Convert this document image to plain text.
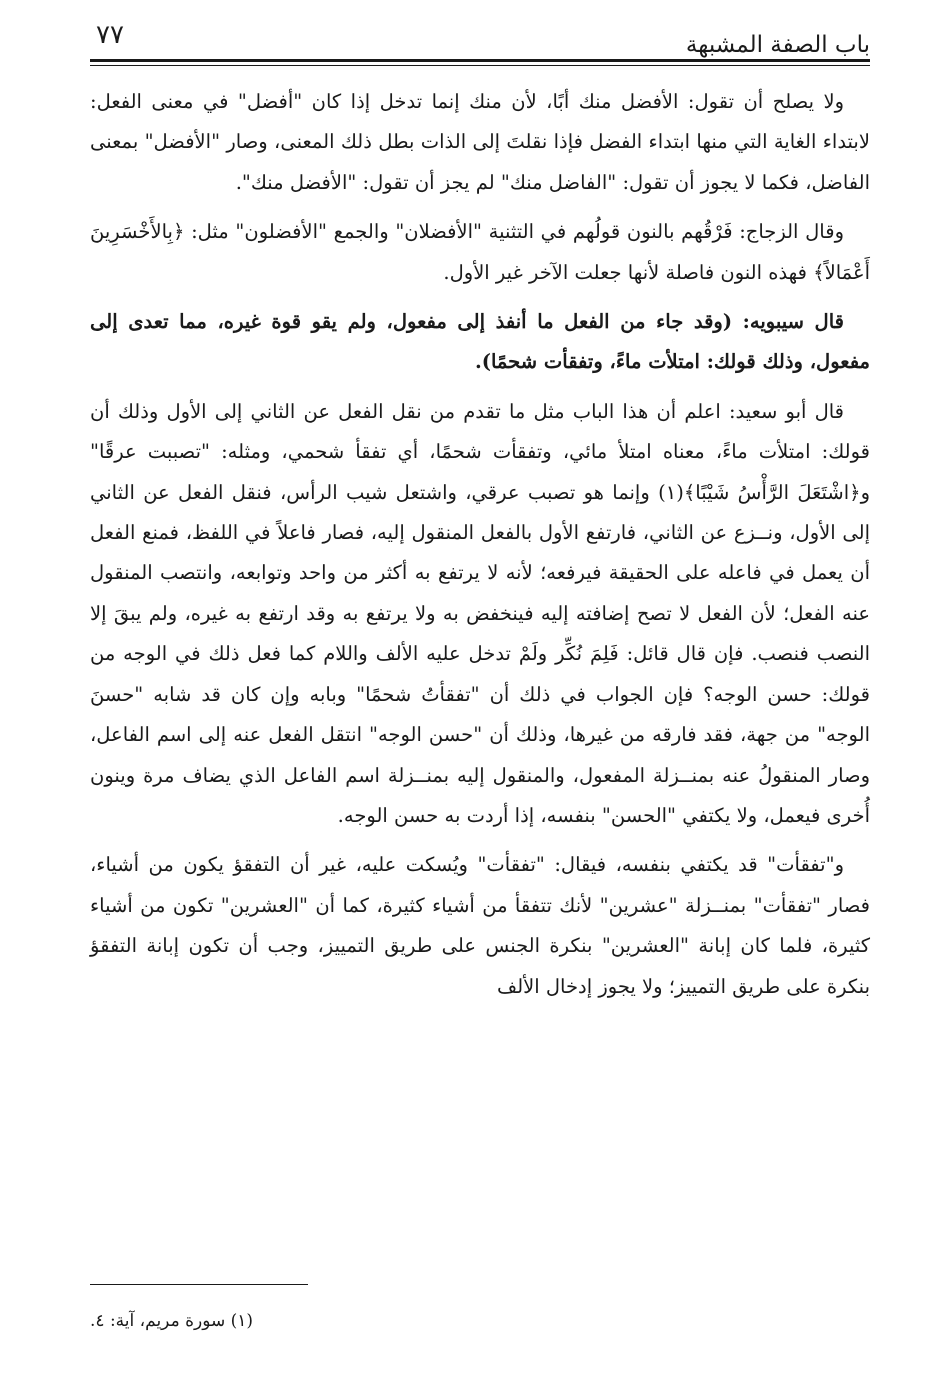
باب الصفة المشبهة
٧٧

ولا يصلح أن تقول: الأفضل منك أبًا، لأن منك إنما تدخل إذا كان "أفضل" في معنى الفعل: لابتداء الغاية التي منها ابتداء الفضل فإذا نقلتَ إلى الذات بطل ذلك المعنى، وصار "الأفضل" بمعنى الفاضل، فكما لا يجوز أن تقول: "الفاضل منك" لم يجز أن تقول: "الأفضل منك".

وقال الزجاج: فَرْقُهم بالنون قولُهم في التثنية "الأفضلان" والجمع "الأفضلون" مثل: ﴿بِالأَخْسَرِينَ أَعْمَالاً﴾ فهذه النون فاصلة لأنها جعلت الآخر غير الأول.

قال سيبويه: (وقد جاء من الفعل ما أنفذ إلى مفعول، ولم يقو قوة غيره، مما تعدى إلى مفعول، وذلك قولك: امتلأت ماءً، وتفقأت شحمًا).

قال أبو سعيد: اعلم أن هذا الباب مثل ما تقدم من نقل الفعل عن الثاني إلى الأول وذلك أن قولك: امتلأت ماءً، معناه امتلأ مائي، وتفقأت شحمًا، أي تفقأ شحمي، ومثله: "تصببت عرقًا" و﴿اشْتَعَلَ الرَّأْسُ شَيْبًا﴾(١) وإنما هو تصبب عرقي، واشتعل شيب الرأس، فنقل الفعل عن الثاني إلى الأول، ونــزع عن الثاني، فارتفع الأول بالفعل المنقول إليه، فصار فاعلاً في اللفظ، فمنع الفعل أن يعمل في فاعله على الحقيقة فيرفعه؛ لأنه لا يرتفع به أكثر من واحد وتوابعه، وانتصب المنقول عنه الفعل؛ لأن الفعل لا تصح إضافته إليه فينخفض به ولا يرتفع به وقد ارتفع به غيره، ولم يبقَ إلا النصب فنصب. فإن قال قائل: فَلِمَ نُكِّر ولَمْ تدخل عليه الألف واللام كما فعل ذلك في الوجه من قولك: حسن الوجه؟ فإن الجواب في ذلك أن "تفقأتُ شحمًا" وبابه وإن كان قد شابه "حسنَ الوجه" من جهة، فقد فارقه من غيرها، وذلك أن "حسن الوجه" انتقل الفعل عنه إلى اسم الفاعل، وصار المنقولُ عنه بمنــزلة المفعول، والمنقول إليه بمنــزلة اسم الفاعل الذي يضاف مرة وينون أُخرى فيعمل، ولا يكتفي "الحسن" بنفسه، إذا أردت به حسن الوجه.

و"تفقأت" قد يكتفي بنفسه، فيقال: "تفقأت" ويُسكت عليه، غير أن التفقؤ يكون من أشياء، فصار "تفقأت" بمنــزلة "عشرين" لأنك تتفقأ من أشياء كثيرة، كما أن "العشرين" تكون من أشياء كثيرة، فلما كان إبانة "العشرين" بنكرة الجنس على طريق التمييز، وجب أن تكون إبانة التفقؤ بنكرة على طريق التمييز؛ ولا يجوز إدخال الألف

(١) سورة مريم، آية: ٤.
